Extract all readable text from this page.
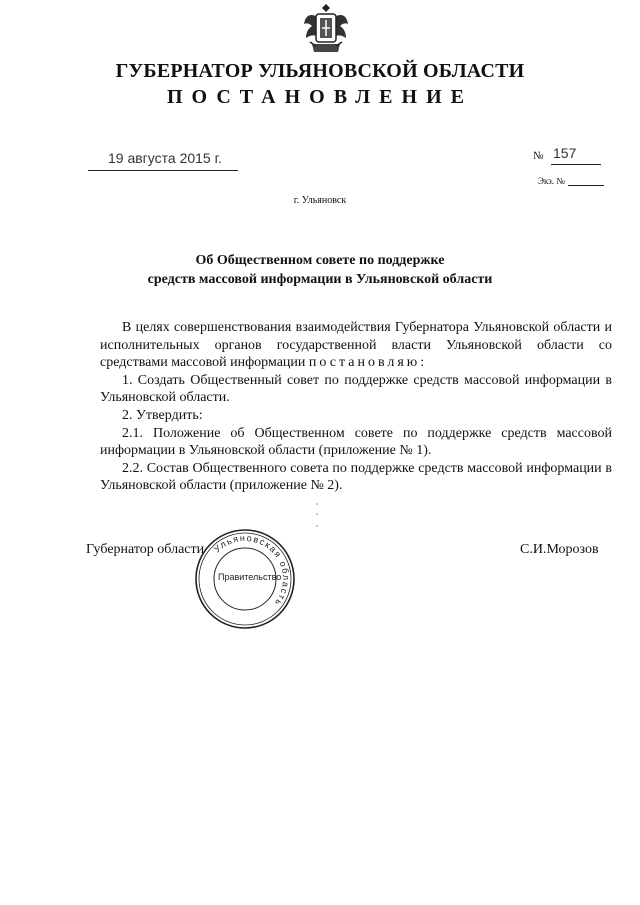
ГУБЕРНАТОР УЛЬЯНОВСКОЙ ОБЛАСТИ
ПОСТАНОВЛЕНИЕ
19 августа 2015 г.	№ 157
Экз. №
г. Ульяновск
Об Общественном совете по поддержке
средств массовой информации в Ульяновской области

В целях совершенствования взаимодействия Губернатора Ульяновской области и исполнительных органов государственной власти Ульяновской области со средствами массовой информации постановляю:

1. Создать Общественный совет по поддержке средств массовой информации в Ульяновской области.

2. Утвердить:

2.1. Положение об Общественном совете по поддержке средств массовой информации в Ульяновской области (приложение № 1).

2.2. Состав Общественного совета по поддержке средств массовой информации в Ульяновской области (приложение № 2).

Губернатор области	С.И.Морозов
Ульяновская область
Правительство
